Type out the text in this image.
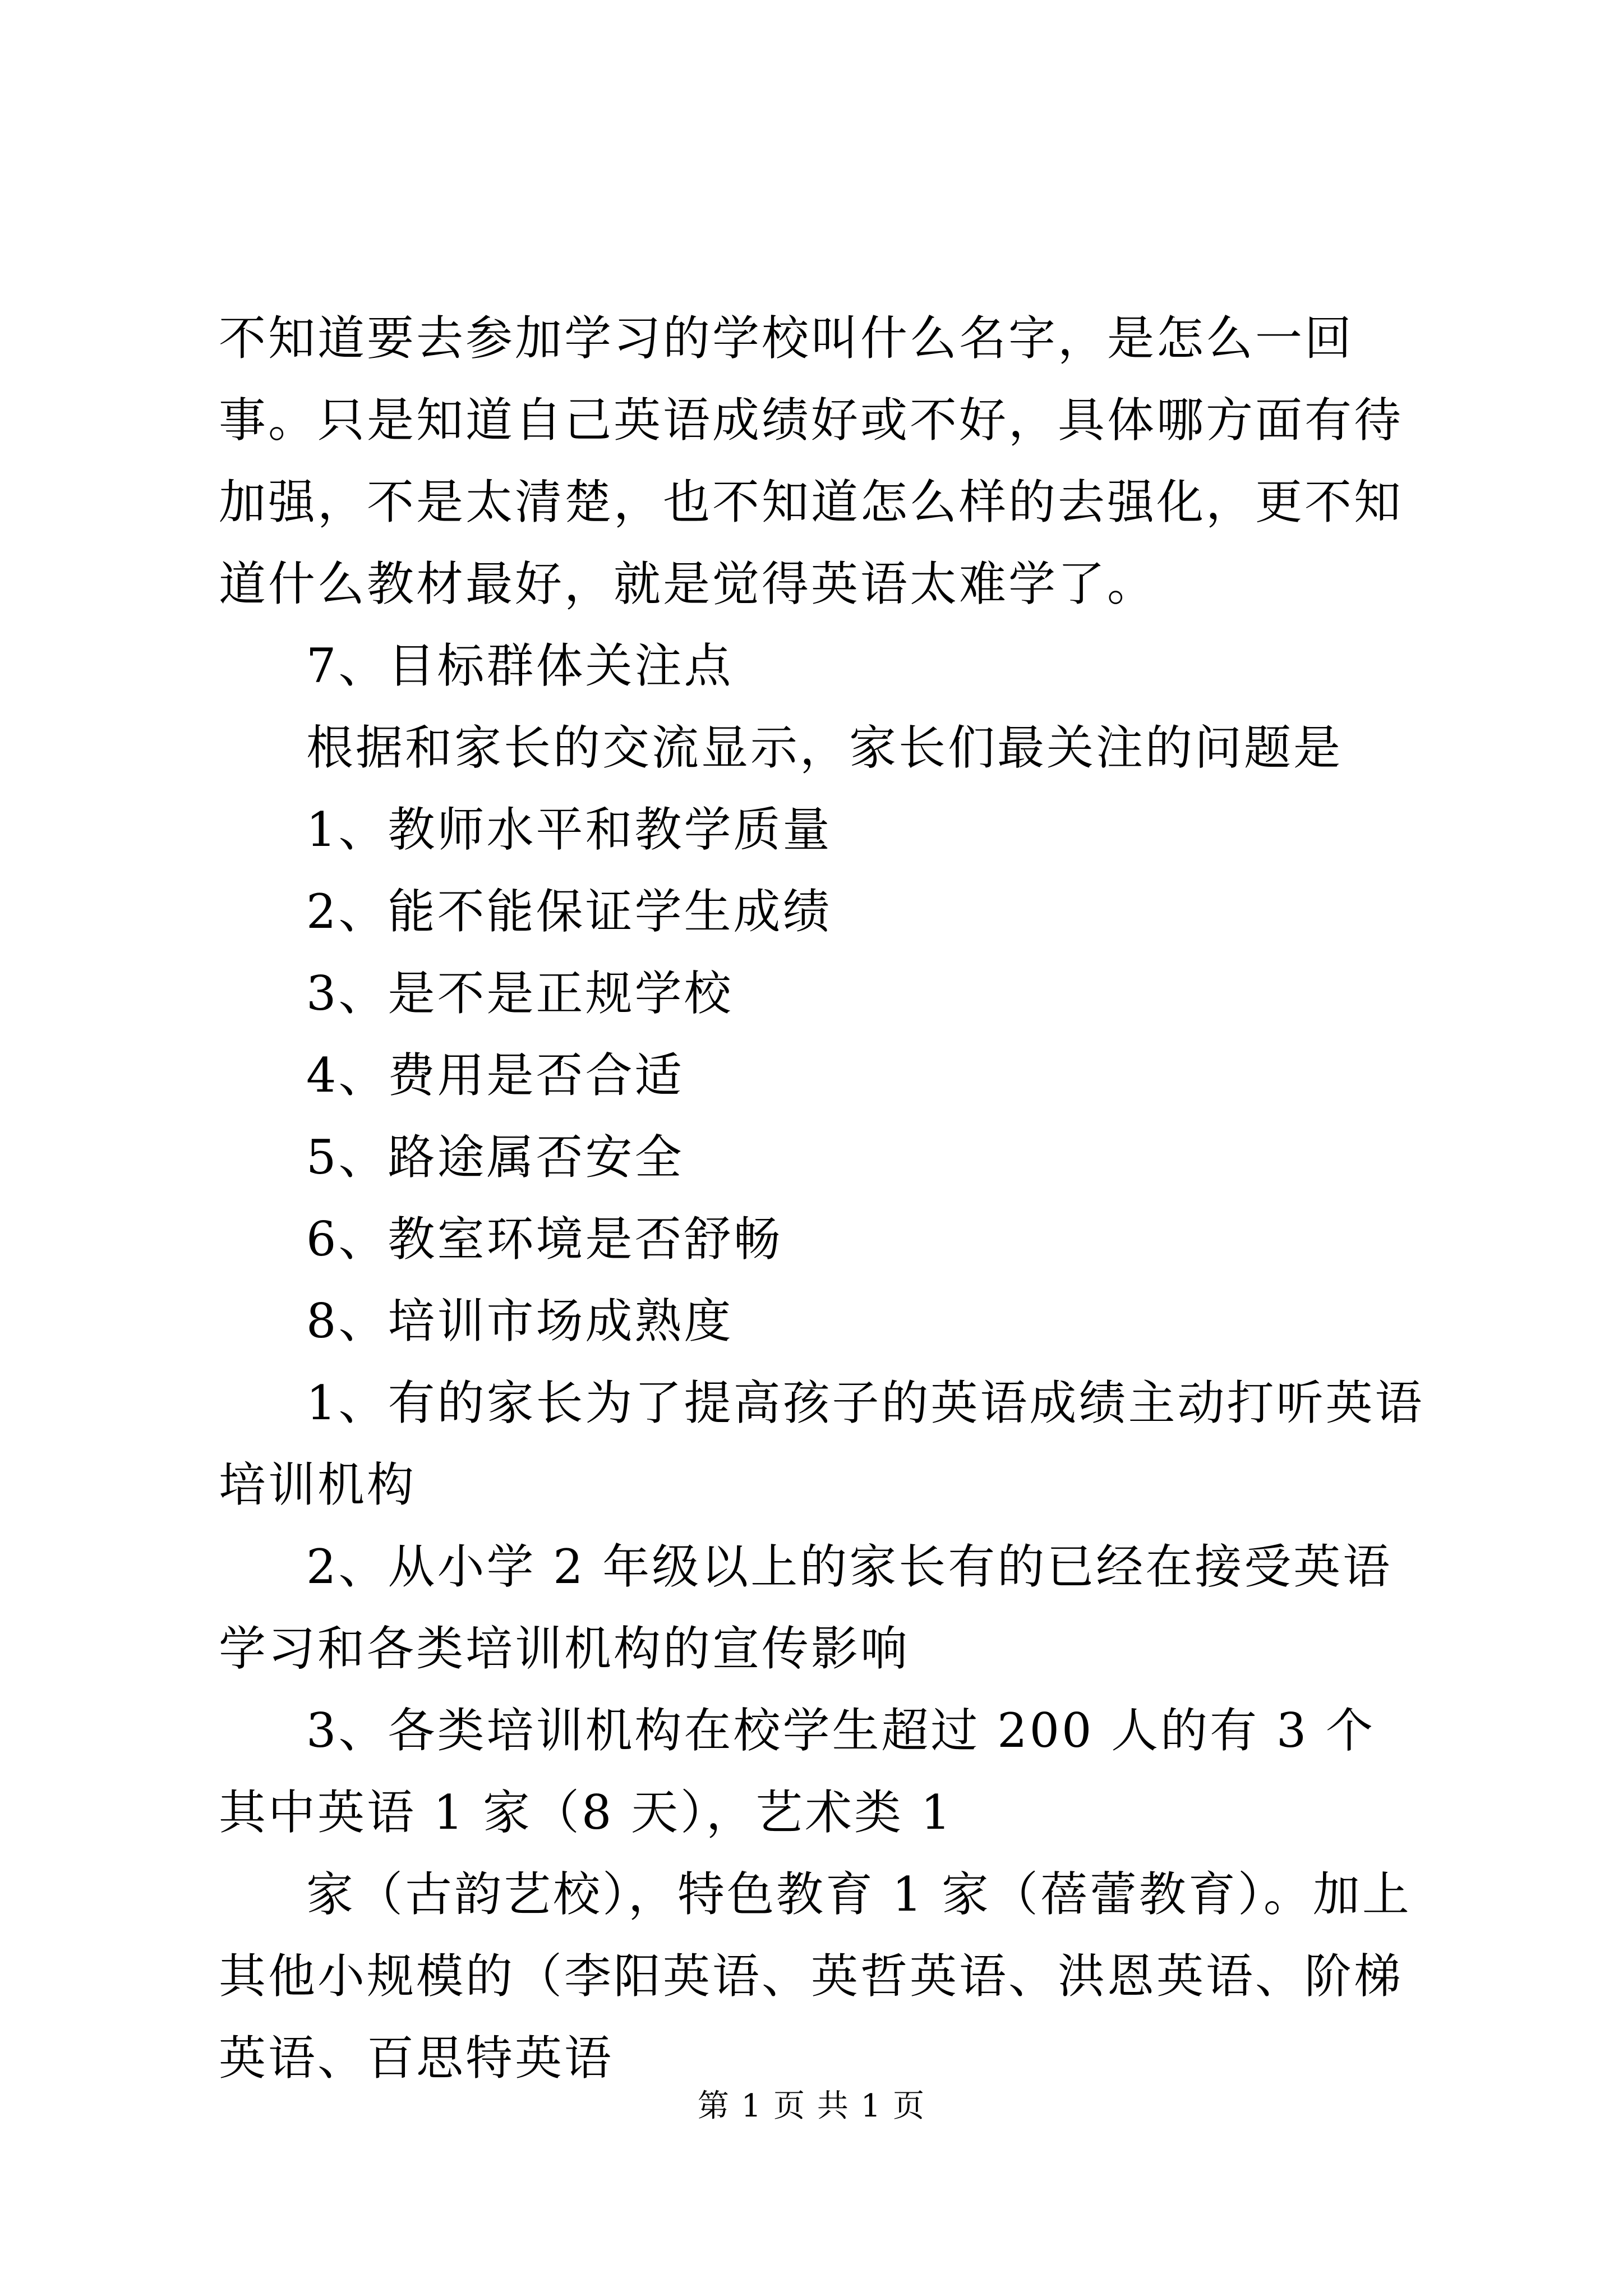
不知道要去参加学习的学校叫什么名字，是怎么一回事。只是知道自己英语成绩好或不好，具体哪方面有待加强，不是太清楚，也不知道怎么样的去强化，更不知道什么教材最好，就是觉得英语太难学了。

7、目标群体关注点

根据和家长的交流显示，家长们最关注的问题是

1、教师水平和教学质量

2、能不能保证学生成绩

3、是不是正规学校

4、费用是否合适

5、路途属否安全

6、教室环境是否舒畅

8、培训市场成熟度

1、有的家长为了提高孩子的英语成绩主动打听英语培训机构

2、从小学 2 年级以上的家长有的已经在接受英语学习和各类培训机构的宣传影响

3、各类培训机构在校学生超过 200 人的有 3 个其中英语 1 家（8 天），艺术类 1

家（古韵艺校），特色教育 1 家（蓓蕾教育）。加上其他小规模的（李阳英语、英哲英语、洪恩英语、阶梯英语、百思特英语

第 1 页 共 1 页
